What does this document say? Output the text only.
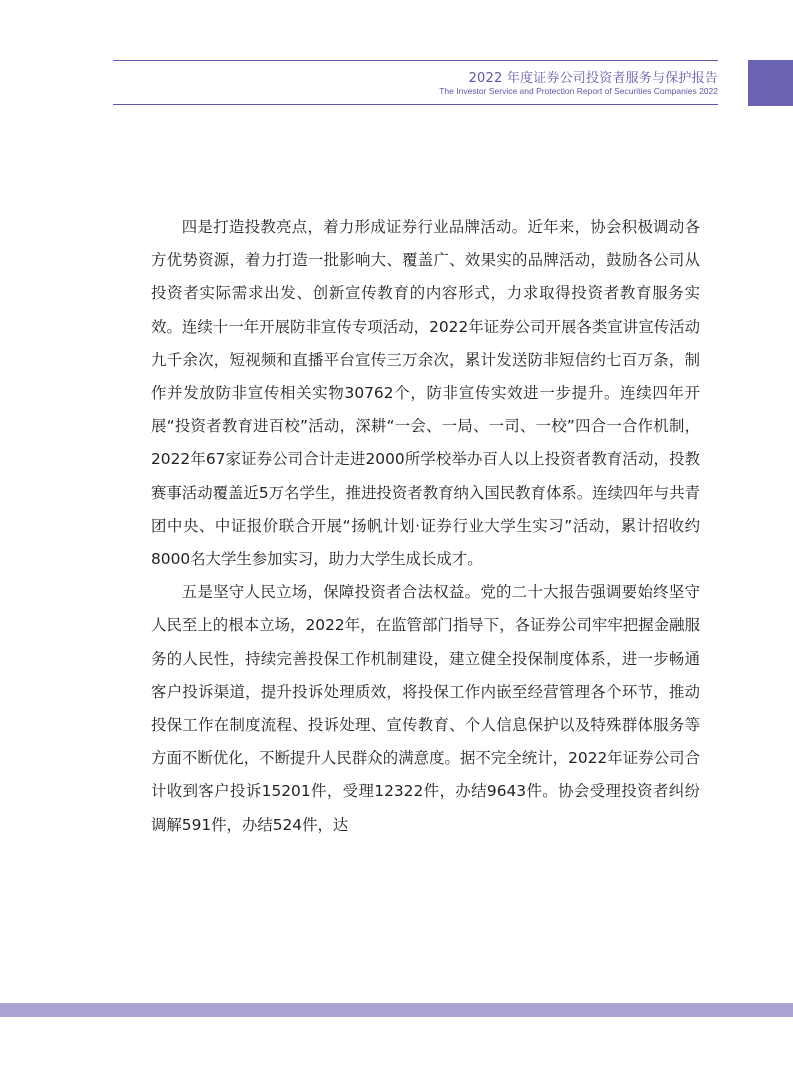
2022 年度证券公司投资者服务与保护报告
The Investor Service and Protection Report of Securities Companies 2022

四是打造投教亮点，着力形成证券行业品牌活动。近年来，协会积极调动各方优势资源，着力打造一批影响大、覆盖广、效果实的品牌活动，鼓励各公司从投资者实际需求出发、创新宣传教育的内容形式，力求取得投资者教育服务实效。连续十一年开展防非宣传专项活动，2022年证券公司开展各类宣讲宣传活动九千余次，短视频和直播平台宣传三万余次，累计发送防非短信约七百万条，制作并发放防非宣传相关实物30762个，防非宣传实效进一步提升。连续四年开展“投资者教育进百校”活动，深耕“一会、一局、一司、一校”四合一合作机制，2022年67家证券公司合计走进2000所学校举办百人以上投资者教育活动，投教赛事活动覆盖近5万名学生，推进投资者教育纳入国民教育体系。连续四年与共青团中央、中证报价联合开展“扬帆计划·证券行业大学生实习”活动，累计招收约8000名大学生参加实习，助力大学生成长成才。

五是坚守人民立场，保障投资者合法权益。党的二十大报告强调要始终坚守人民至上的根本立场，2022年，在监管部门指导下，各证券公司牢牢把握金融服务的人民性，持续完善投保工作机制建设，建立健全投保制度体系，进一步畅通客户投诉渠道，提升投诉处理质效，将投保工作内嵌至经营管理各个环节，推动投保工作在制度流程、投诉处理、宣传教育、个人信息保护以及特殊群体服务等方面不断优化，不断提升人民群众的满意度。据不完全统计，2022年证券公司合计收到客户投诉15201件，受理12322件，办结9643件。协会受理投资者纠纷调解591件，办结524件，达
